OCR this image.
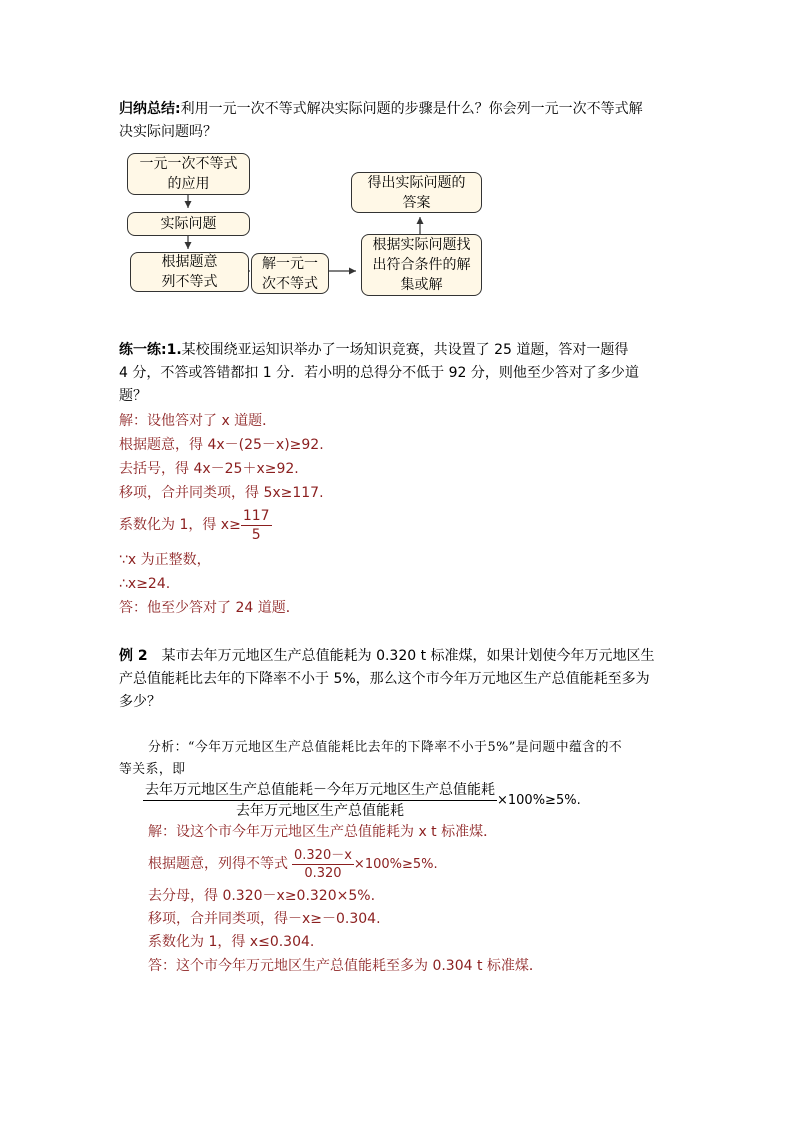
归纳总结:利用一元一次不等式解决实际问题的步骤是什么？你会列一元一次不等式解
决实际问题吗？
一元一次不等式
的应用
实际问题
根据题意
列不等式
解一元一
次不等式
根据实际问题找
出符合条件的解
集或解
得出实际问题的
答案
练一练:1.某校围绕亚运知识举办了一场知识竞赛，共设置了 25 道题，答对一题得
4 分，不答或答错都扣 1 分．若小明的总得分不低于 92 分，则他至少答对了多少道
题？
解：设他答对了 x 道题．
根据题意，得 4x－(25－x)≥92.
去括号，得 4x－25＋x≥92.
移项，合并同类项，得 5x≥117.
系数化为 1，得 $x\ge \frac{117}{5}$
∵x 为正整数，
∴x≥24.
答：他至少答对了 24 道题．
例 2 某市去年万元地区生产总值能耗为 0.320 t 标准煤，如果计划使今年万元地区生
产总值能耗比去年的下降率不小于 5%，那么这个市今年万元地区生产总值能耗至多为
多少？
分析：“今年万元地区生产总值能耗比去年的下降率不小于5%”是问题中蕴含的不
等关系，即
$\frac{\text{去年万元地区生产总值能耗－今年万元地区生产总值能耗}}{\text{去年万元地区生产总值能耗}} \times 100\%\ge 5\%$.
解：设这个市今年万元地区生产总值能耗为 x t 标准煤．
根据题意，列得不等式 $\frac{0.320-x}{0.320} \times 100\%\ge 5\%$.
去分母，得 0.320－x≥0.320×5%.
移项，合并同类项，得－x≥－0.304.
系数化为 1，得 x≤0.304.
答：这个市今年万元地区生产总值能耗至多为 0.304 t 标准煤．
